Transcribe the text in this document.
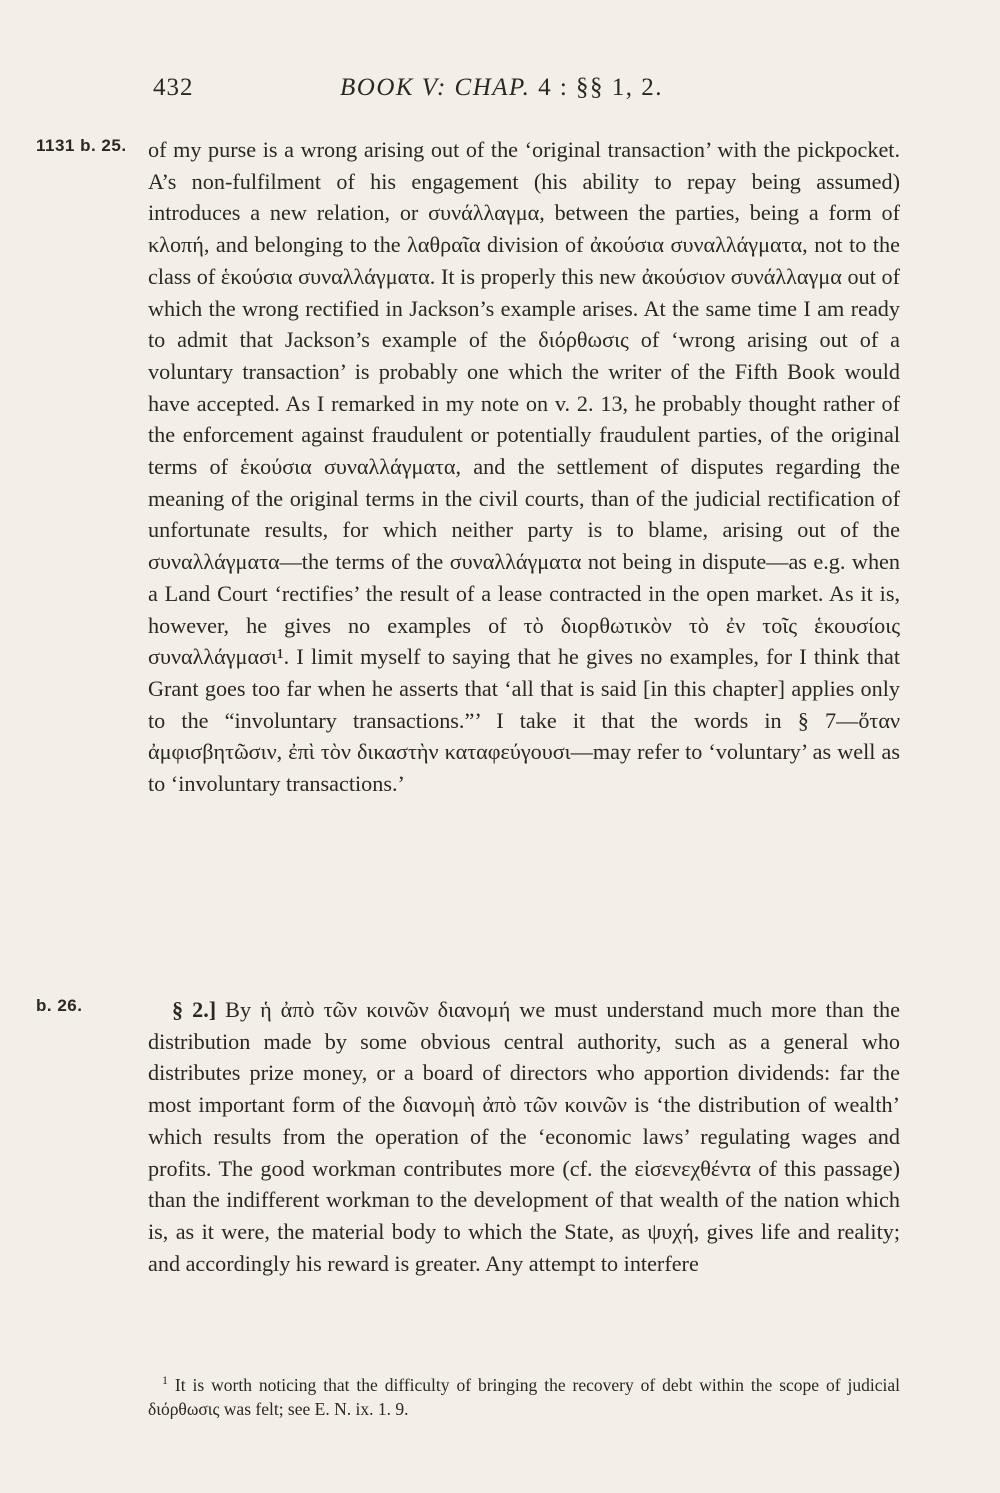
432	BOOK V: CHAP. 4 : §§ 1, 2.
1131 b. 25.
b. 26.

of my purse is a wrong arising out of the ‘original transaction’ with the pickpocket. A’s non-fulfilment of his engagement (his ability to repay being assumed) introduces a new relation, or συνάλλαγμα, between the parties, being a form of κλοπή, and belonging to the λαθραῖα division of ἀκούσια συναλλάγματα, not to the class of ἑκούσια συναλλάγματα. It is properly this new ἀκούσιον συνάλλαγμα out of which the wrong rectified in Jackson’s example arises. At the same time I am ready to admit that Jackson’s example of the διόρθωσις of ‘wrong arising out of a voluntary transaction’ is probably one which the writer of the Fifth Book would have accepted. As I remarked in my note on v. 2. 13, he probably thought rather of the enforcement against fraudulent or potentially fraudulent parties, of the original terms of ἑκούσια συναλλάγματα, and the settlement of disputes regarding the meaning of the original terms in the civil courts, than of the judicial rectification of unfortunate results, for which neither party is to blame, arising out of the συναλλάγματα—the terms of the συναλλάγματα not being in dispute—as e.g. when a Land Court ‘rectifies’ the result of a lease contracted in the open market. As it is, however, he gives no examples of τὸ διορθωτικὸν τὸ ἐν τοῖς ἑκουσίοις συναλλάγμασι¹. I limit myself to saying that he gives no examples, for I think that Grant goes too far when he asserts that ‘all that is said [in this chapter] applies only to the “involuntary transactions.”’ I take it that the words in § 7—ὅταν ἀμφισβητῶσιν, ἐπὶ τὸν δικαστὴν καταφεύγουσι—may refer to ‘voluntary’ as well as to ‘involuntary transactions.’

§ 2.] By ἡ ἀπὸ τῶν κοινῶν διανομή we must understand much more than the distribution made by some obvious central authority, such as a general who distributes prize money, or a board of directors who apportion dividends: far the most important form of the διανομὴ ἀπὸ τῶν κοινῶν is ‘the distribution of wealth’ which results from the operation of the ‘economic laws’ regulating wages and profits. The good workman contributes more (cf. the εἰσενεχθέντα of this passage) than the indifferent workman to the development of that wealth of the nation which is, as it were, the material body to which the State, as ψυχή, gives life and reality; and accordingly his reward is greater. Any attempt to interfere

$^1$ It is worth noticing that the difficulty of bringing the recovery of debt within the scope of judicial διόρθωσις was felt; see E. N. ix. 1. 9.
